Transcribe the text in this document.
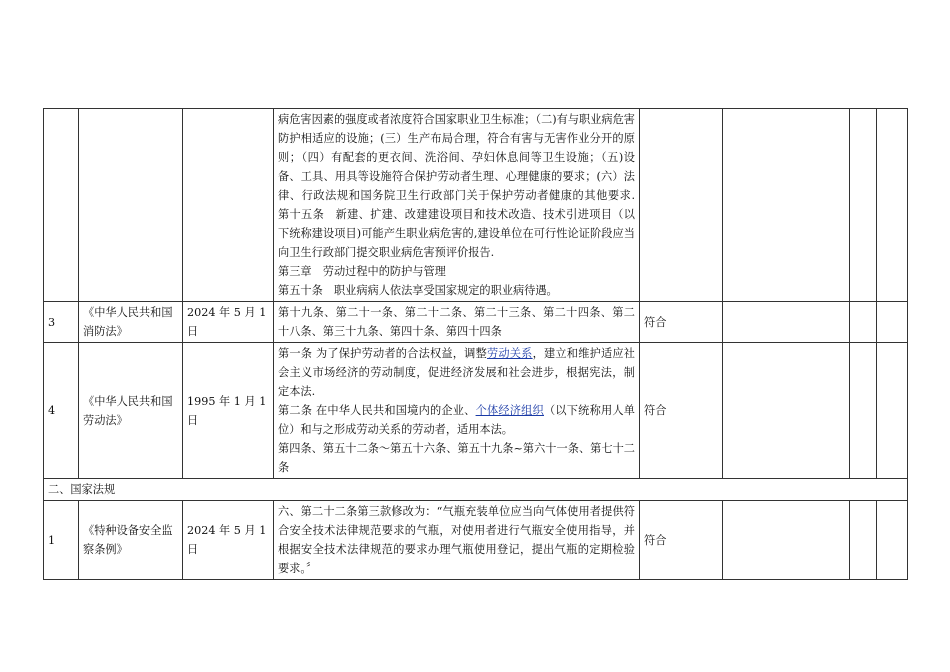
			病危害因素的强度或者浓度符合国家职业卫生标准；（二)有与职业病危害防护相适应的设施；(三）生产布局合理，符合有害与无害作业分开的原则；（四）有配套的更衣间、洗浴间、孕妇休息间等卫生设施；（五)设备、工具、用具等设施符合保护劳动者生理、心理健康的要求；(六）法律、行政法规和国务院卫生行政部门关于保护劳动者健康的其他要求.　　第十五条　新建、扩建、改建建设项目和技术改造、技术引进项目（以下统称建设项目)可能产生职业病危害的,建设单位在可行性论证阶段应当向卫生行政部门提交职业病危害预评价报告.

第三章　劳动过程中的防护与管理

第五十条　职业病病人依法享受国家规定的职业病待遇。				

3	《中华人民共和国消防法》	2024 年 5 月 1 日	第十九条、第二十一条、第二十二条、第二十三条、第二十四条、第二十八条、第三十九条、第四十条、第四十四条	符合			
4	《中华人民共和国劳动法》	1995 年 1 月 1 日	第一条 为了保护劳动者的合法权益，调整劳动关系，建立和维护适应社会主义市场经济的劳动制度，促进经济发展和社会进步，根据宪法，制定本法.

第二条 在中华人民共和国境内的企业、个体经济组织（以下统称用人单位）和与之形成劳动关系的劳动者，适用本法。

第四条、第五十二条～第五十六条、第五十九条~第六十一条、第七十二条	符合			
二、国家法规							
1	《特种设备安全监察条例》	2024 年 5 月 1 日	六、第二十二条第三款修改为：“气瓶充装单位应当向气体使用者提供符合安全技术法律规范要求的气瓶，对使用者进行气瓶安全使用指导，并根据安全技术法律规范的要求办理气瓶使用登记，提出气瓶的定期检验要求。〞	符合			
